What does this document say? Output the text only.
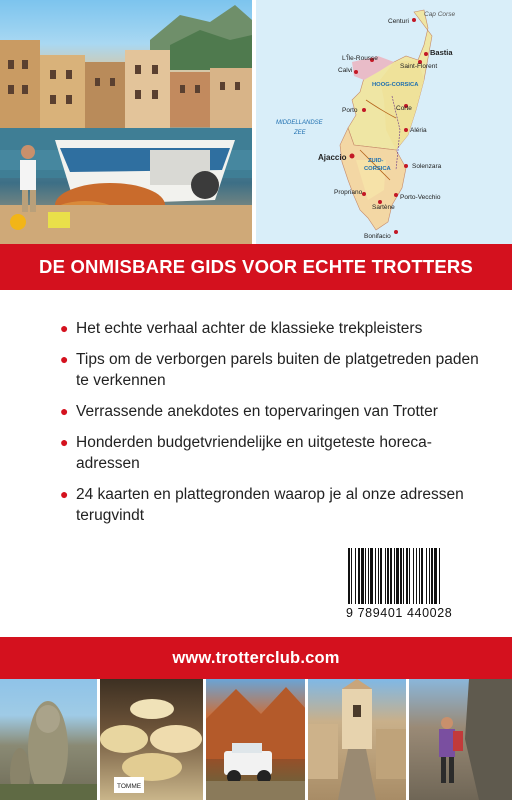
Cap Corse
Centuri
Bastia
L'Île-Rousse
Saint-Florent
Calvi
HOOG-CORSICA
Corte
Porto
Aléria
MIDDELLANDSE
ZEE
Ajaccio	ZUID-
CORSICA	Solenzara
Propriano
Sartène
Porto-Vecchio
Bonifacio
DE ONMISBARE GIDS VOOR ECHTE TROTTERS
● Het echte verhaal achter de klassieke trekpleisters
● Tips om de verborgen parels buiten de platgetreden paden te verkennen
● Verrassende anekdotes en topervaringen van Trotter
● Honderden budgetvriendelijke en uitgeteste horeca-adressen
● 24 kaarten en plattegronden waarop je al onze adressen terugvindt
9 789401 440028
www.trotterclub.com
TOMME
